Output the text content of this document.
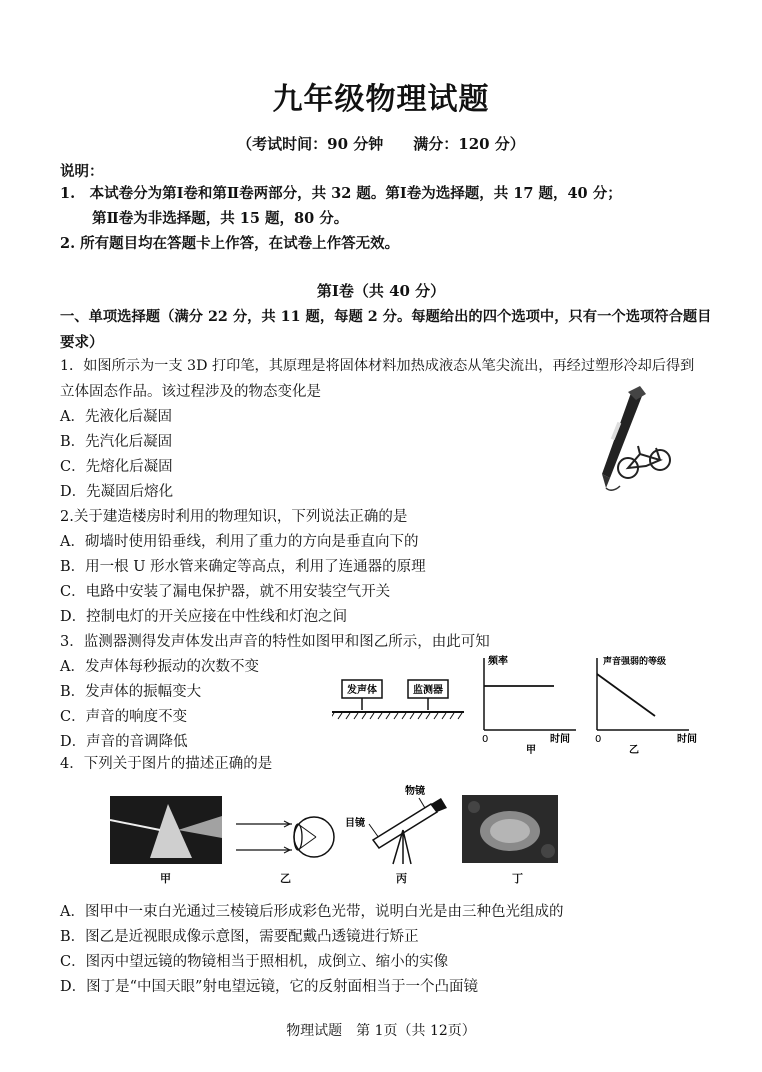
九年级物理试题
（考试时间：90 分钟　　满分：120 分）
说明：
1.　本试卷分为第Ⅰ卷和第Ⅱ卷两部分，共 32 题。第Ⅰ卷为选择题，共 17 题，40 分；
第Ⅱ卷为非选择题，共 15 题，80 分。
2. 所有题目均在答题卡上作答，在试卷上作答无效。
第Ⅰ卷（共 40 分）
一、单项选择题（满分 22 分，共 11 题，每题 2 分。每题给出的四个选项中，只有一个选项符合题目
要求）
1．如图所示为一支 3D 打印笔，其原理是将固体材料加热成液态从笔尖流出，再经过塑形冷却后得到
立体固态作品。该过程涉及的物态变化是
A．先液化后凝固
B．先汽化后凝固
C．先熔化后凝固
D．先凝固后熔化
2.关于建造楼房时利用的物理知识，下列说法正确的是
A．砌墙时使用铅垂线，利用了重力的方向是垂直向下的
B．用一根 U 形水管来确定等高点，利用了连通器的原理
C．电路中安装了漏电保护器，就不用安装空气开关
D．控制电灯的开关应接在中性线和灯泡之间
3．监测器测得发声体发出声音的特性如图甲和图乙所示，由此可知
A．发声体每秒振动的次数不变
B．发声体的振幅变大
C．声音的响度不变
D．声音的音调降低
发声体	监测器
频率
0	时间
甲
声音强弱的等级
0	时间
乙
4．下列关于图片的描述正确的是
甲	乙
物镜
目镜
丙	丁
A．图甲中一束白光通过三棱镜后形成彩色光带，说明白光是由三种色光组成的
B．图乙是近视眼成像示意图，需要配戴凸透镜进行矫正
C．图丙中望远镜的物镜相当于照相机，成倒立、缩小的实像
D．图丁是“中国天眼”射电望远镜，它的反射面相当于一个凸面镜
物理试题　第 1页（共 12页）
